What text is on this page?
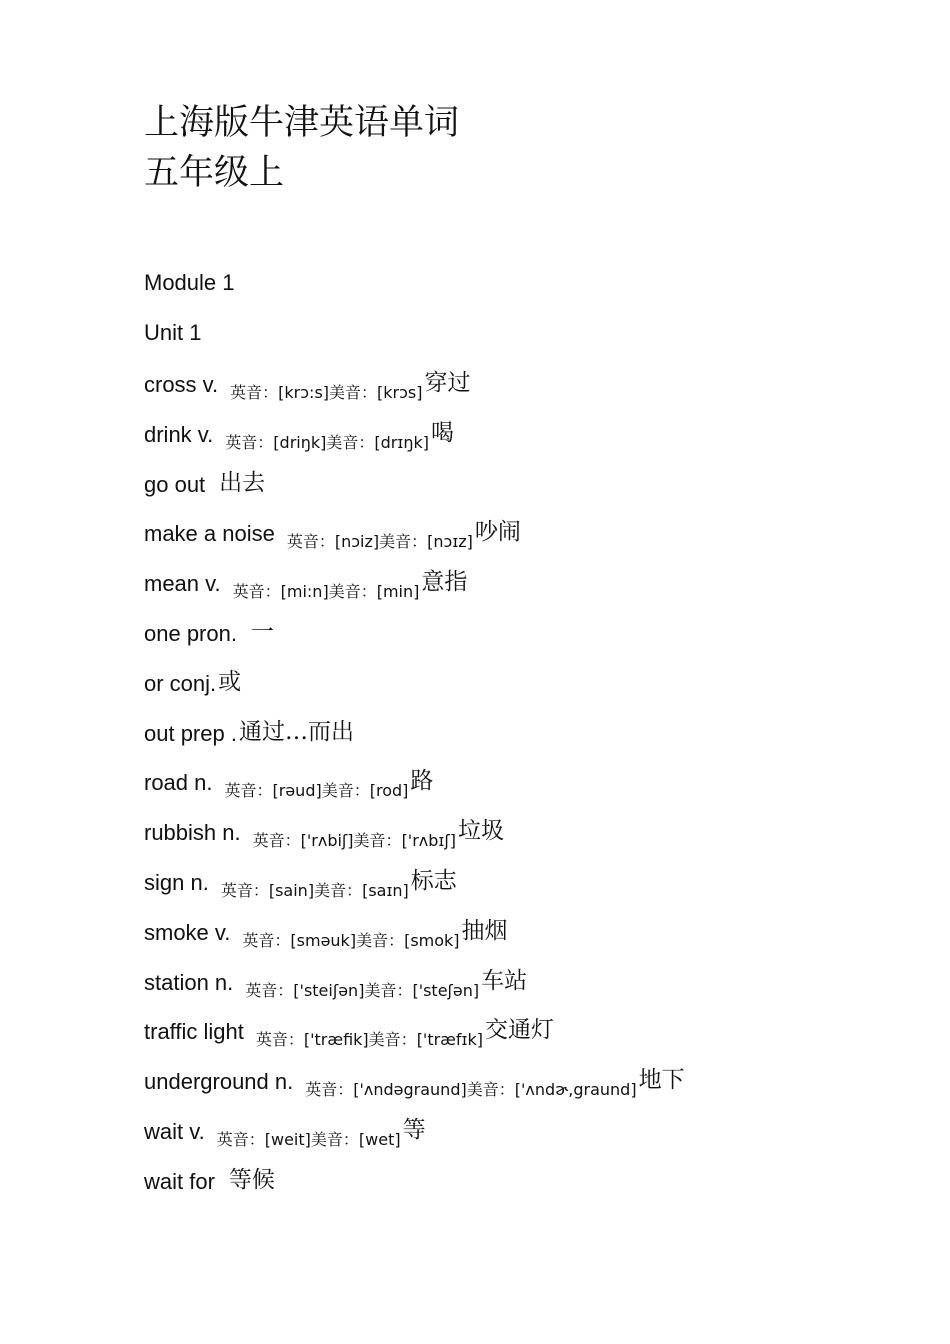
上海版牛津英语单词
五年级上
Module 1
Unit 1
cross v. 英音：[krɔ:s]美音：[krɔs] 穿过
drink v. 英音：[driŋk]美音：[drɪŋk] 喝
go out 出去
make a noise 英音：[nɔiz]美音：[nɔɪz] 吵闹
mean v. 英音：[mi:n]美音：[min] 意指
one pron. 一
or conj. 或
out prep . 通过…而出
road n. 英音：[rəud]美音：[rod] 路
rubbish n. 英音：['rʌbiʃ]美音：['rʌbɪʃ] 垃圾
sign n. 英音：[sain]美音：[saɪn] 标志
smoke v. 英音：[sməuk]美音：[smok] 抽烟
station n. 英音：['steiʃən]美音：['steʃən] 车站
traffic light 英音：['træfik]美音：['træfɪk] 交通灯
underground n. 英音：['ʌndəgraund]美音：['ʌndɚ,graund] 地下
wait v. 英音：[weit]美音：[wet] 等
wait for 等候
